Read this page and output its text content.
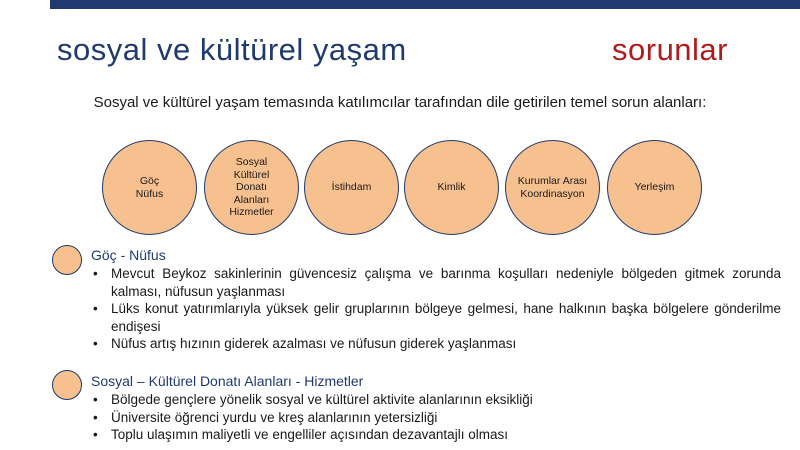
sosyal ve kültürel yaşam	sorunlar
Sosyal ve kültürel yaşam temasında katılımcılar tarafından dile getirilen temel sorun alanları:
Göç
Nüfus
Sosyal
Kültürel
Donatı
Alanları
Hizmetler
İstihdam	Kimlik
Kurumlar Arası
Koordinasyon
Yerleşim
Göç - Nüfus
• Mevcut Beykoz sakinlerinin güvencesiz çalışma ve barınma koşulları nedeniyle bölgeden gitmek zorunda kalması, nüfusun yaşlanması
• Lüks konut yatırımlarıyla yüksek gelir gruplarının bölgeye gelmesi, hane halkının başka bölgelere gönderilme endişesi
• Nüfus artış hızının giderek azalması ve nüfusun giderek yaşlanması
Sosyal – Kültürel Donatı Alanları - Hizmetler
• Bölgede gençlere yönelik sosyal ve kültürel aktivite alanlarının eksikliği
• Üniversite öğrenci yurdu ve kreş alanlarının yetersizliği
• Toplu ulaşımın maliyetli ve engelliler açısından dezavantajlı olması
